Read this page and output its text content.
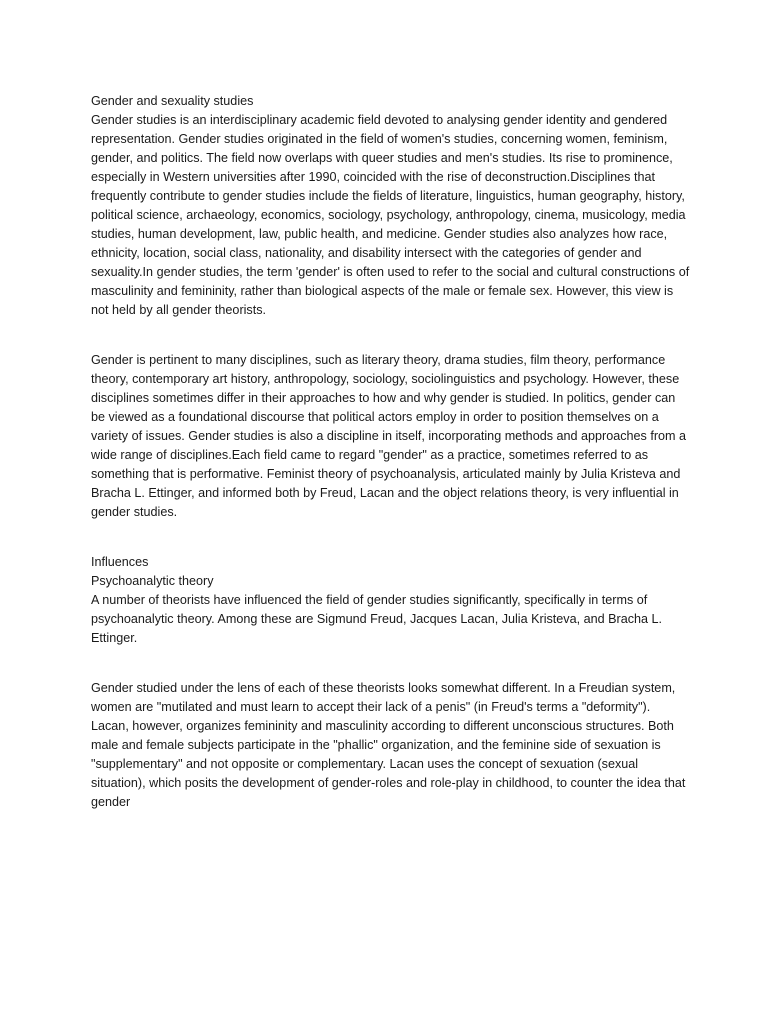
Gender and sexuality studies

Gender studies is an interdisciplinary academic field devoted to analysing gender identity and gendered representation. Gender studies originated in the field of women's studies, concerning women, feminism, gender, and politics. The field now overlaps with queer studies and men's studies. Its rise to prominence, especially in Western universities after 1990, coincided with the rise of deconstruction.Disciplines that frequently contribute to gender studies include the fields of literature, linguistics, human geography, history, political science, archaeology, economics, sociology, psychology, anthropology, cinema, musicology, media studies, human development, law, public health, and medicine. Gender studies also analyzes how race, ethnicity, location, social class, nationality, and disability intersect with the categories of gender and sexuality.In gender studies, the term 'gender' is often used to refer to the social and cultural constructions of masculinity and femininity, rather than biological aspects of the male or female sex. However, this view is not held by all gender theorists.

Gender is pertinent to many disciplines, such as literary theory, drama studies, film theory, performance theory, contemporary art history, anthropology, sociology, sociolinguistics and psychology. However, these disciplines sometimes differ in their approaches to how and why gender is studied. In politics, gender can be viewed as a foundational discourse that political actors employ in order to position themselves on a variety of issues. Gender studies is also a discipline in itself, incorporating methods and approaches from a wide range of disciplines.Each field came to regard "gender" as a practice, sometimes referred to as something that is performative. Feminist theory of psychoanalysis, articulated mainly by Julia Kristeva and Bracha L. Ettinger, and informed both by Freud, Lacan and the object relations theory, is very influential in gender studies.

Influences

Psychoanalytic theory

A number of theorists have influenced the field of gender studies significantly, specifically in terms of psychoanalytic theory. Among these are Sigmund Freud, Jacques Lacan, Julia Kristeva, and Bracha L. Ettinger.

Gender studied under the lens of each of these theorists looks somewhat different. In a Freudian system, women are "mutilated and must learn to accept their lack of a penis" (in Freud's terms a "deformity"). Lacan, however, organizes femininity and masculinity according to different unconscious structures. Both male and female subjects participate in the "phallic" organization, and the feminine side of sexuation is "supplementary" and not opposite or complementary. Lacan uses the concept of sexuation (sexual situation), which posits the development of gender-roles and role-play in childhood, to counter the idea that gender
